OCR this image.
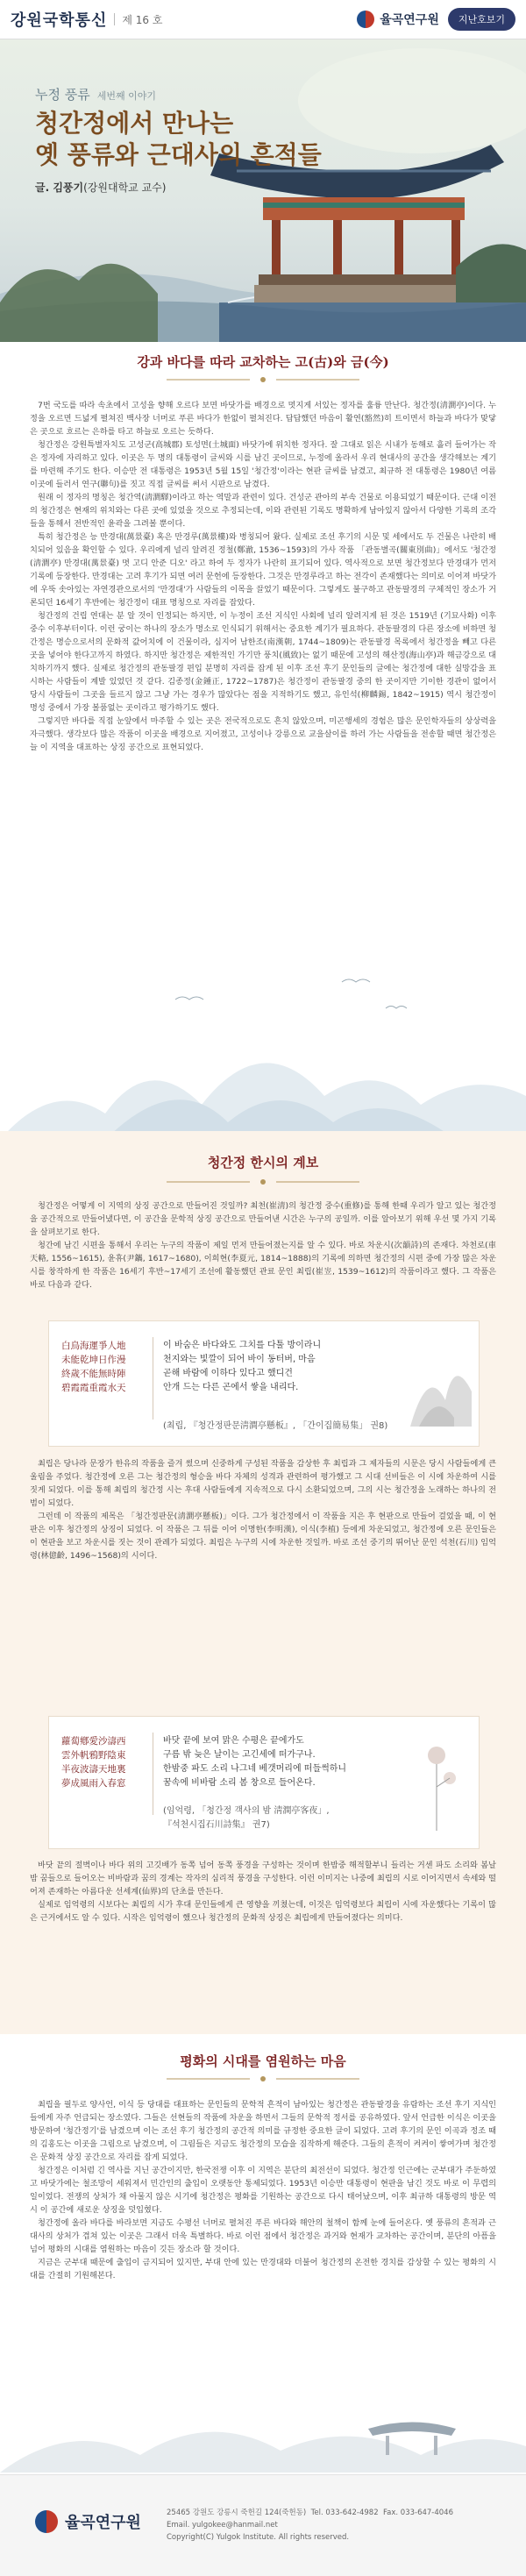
강원국학통신 제 16 호	율곡연구원	지난호보기
누정 풍류 세번째 이야기
청간정에서 만나는
옛 풍류와 근대사의 흔적들
글. 김풍기(강원대학교 교수)
강과 바다를 따라 교차하는 고(古)와 금(今)

7번 국도를 따라 속초에서 고성을 향해 오르다 보면 바닷가를 배경으로 멋지게 서있는 정자를 훌륭 만난다. 청간정(淸澗亭)이다. 누정을 오르면 드넓게 펼쳐진 백사장 너머로 푸른 바다가 한없이 펼쳐진다. 답답했던 마음이 활연(豁然)히 트이면서 하늘과 바다가 맞닿은 곳으로 흐르는 은하를 타고 하늘로 오르는 듯하다.

청간정은 강원특별자치도 고성군(高城郡) 토성면(土城面) 바닷가에 위치한 정자다. 잘 그대로 읽은 시내가 동해로 흘러 들어가는 작은 정자에 자리하고 있다. 이곳은 두 명의 대통령이 글씨와 시를 남긴 곳이므로, 누정에 올라서 우리 현대사의 공간을 생각해보는 계기를 마련해 주기도 한다. 이승만 전 대통령은 1953년 5월 15일 '청간정'이라는 현판 글씨를 남겼고, 최규하 전 대통령은 1980년 여름 이곳에 들러서 연구(聯句)를 짓고 직접 글씨를 써서 시판으로 남겼다.

원래 이 정자의 명칭은 청간역(淸澗驛)이라고 하는 역말과 관련이 있다. 건성군 관아의 부속 건물로 이용되었기 때문이다. 근대 이전의 청간정은 현재의 위치와는 다른 곳에 있었을 것으로 추정되는데, 이와 관련된 기록도 명확하게 남아있지 않아서 다양한 기록의 조각들을 통해서 전반적인 윤곽을 그려볼 뿐이다.

특히 청간정은 능 만경대(萬景臺) 혹은 만경루(萬景樓)와 병칭되어 왔다. 실제로 조선 후기의 시문 및 세에서도 두 건물은 나란히 배치되어 있음을 확인할 수 있다. 우리에게 널리 알려진 정철(鄭澈, 1536~1593)의 가사 작품 「관동별곡(關東別曲)」에서도 '청간정(淸澗亭) 만경대(萬景臺) 몃 고디 안준 디오' 라고 하여 두 정자가 나란히 표기되어 있다. 역사적으로 보면 청간정보다 만경대가 먼저 기록에 등장한다. 만경대는 고려 후기가 되면 여러 문헌에 등장한다. 그것은 만경루라고 하는 전각이 존재했다는 의미로 이어져 바닷가에 우뚝 솟아있는 자연경관으로서의 '만경대'가 사람들의 이목을 끌었기 때문이다. 그렇게도 불구하고 관동팔경의 구체적인 장소가 거론되던 16세기 후반에는 청간정이 대표 명칭으로 자리를 잡았다.

청간정의 건립 연대는 분 알 것이 인정되는 하지만, 이 누정이 조선 지식인 사회에 널리 알려지게 된 것은 1519년 (기묘사화) 이후 중수 이후부터이다. 이런 궁이는 하나의 장소가 명소로 인식되기 위해서는 중요한 계기가 필요하다. 관동팔경의 다른 장소에 비하면 청간정은 명승으로서의 문화적 값어치에 이 건물이라, 심지어 남한조(南漢朝, 1744~1809)는 관동팔경 목록에서 청간정을 빼고 다른 곳을 넣어야 한다고까지 하였다. 하지만 청간정은 제한적인 가기만 풍치(風致)는 없기 때문에 고성의 해산정(海山亭)과 해금강으로 대치하기까지 했다. 실제로 청간정의 관동팔경 편입 분명히 자리를 잡게 된 이후 조선 후기 문인들의 글에는 청간정에 대한 실망감을 표시하는 사람들이 계발 있었던 것 같다. 김종정(金鍾正, 1722~1787)은 청간정이 관동팔경 중의 한 곳이지만 기이한 경관이 없어서 당시 사람들이 그곳을 들르지 않고 그냥 가는 경우가 많았다는 점을 지적하기도 했고, 유인석(柳麟錫, 1842~1915) 역시 청간정이 명성 중에서 가장 볼품없는 곳이라고 평가하기도 했다.

그렇지만 바다를 직접 눈앞에서 마주할 수 있는 곳은 전국적으로도 흔치 않았으며, 미곤행세의 경험은 많은 문인학자들의 상상력을 자극했다. 생각보다 많은 작품이 이곳을 배경으로 지어졌고, 고성이나 강릉으로 교을살이를 하러 가는 사람들을 전송할 때면 청간정은 늘 이 지역을 대표하는 상징 공간으로 표현되었다.

청간정 한시의 계보

청간정은 어떻게 이 지역의 상징 공간으로 만들어진 것일까? 최천(崔淸)의 청간정 중수(重修)를 통해 한때 우리가 알고 있는 청간정을 공간적으로 만들어냈다면, 이 공간을 문학적 상징 공간으로 만들어낸 시간은 누구의 공일까. 이를 알아보기 위해 우선 몇 가지 기록을 살펴보기로 한다.

청간에 남긴 시편을 통해서 우리는 누구의 작품이 제일 먼저 만들어졌는지를 알 수 있다. 바로 차운시(次韻詩)의 존재다. 차천로(車天輅, 1556~1615), 윤휴(尹鑴, 1617~1680), 이희현(李夏元, 1814~1888)의 기록에 의하면 청간정의 시편 중에 가장 많은 차운시를 창작하게 한 작품은 16세기 후반~17세기 조선에 활동했던 관료 문인 최립(崔岦, 1539~1612)의 작품이라고 했다. 그 작품은 바로 다음과 같다.

白鳥海運爭人地
未能乾坤日作漫
終歲不能無時陣
碧霞霞重霞水天
이 바숨은 바다와도 그치를 다툴 방이라니
천지와는 빛깔이 되어 바이 동터버, 마음
곧해 바람에 이하다 있다고 했디건
안개 드는 다른 곤에서 쌓을 내리다.
(최립, 『청간정판문淸澗亭懸板』, 「간이집簡易集」 권8)

최립은 당나라 문장가 한유의 작품을 즐겨 썼으며 신중하게 구성된 작품을 감상한 후 최립과 그 제자들의 시문은 당시 사람들에게 큰 울림을 주었다. 청간정에 오른 그는 청간정의 형승을 바다 자체의 성격과 관련하여 평가했고 그 시대 선비들은 이 시에 차운하여 시를 짓게 되었다. 이를 통해 최립의 청간정 시는 후대 사람들에게 지속적으로 다시 소환되었으며, 그의 시는 청간정을 노래하는 하나의 전범이 되었다.

그런데 이 작품의 제목은 「청간정판문(淸澗亭懸板)」이다. 그가 청간정에서 이 작품을 지은 후 현판으로 만들어 걸었을 때, 이 현판은 이후 청간정의 상징이 되었다. 이 작품은 그 뒤를 이어 이명한(李明漢), 이식(李植) 등에게 차운되었고, 청간정에 오른 문인들은 이 현판을 보고 차운시를 짓는 것이 관례가 되었다. 최립은 누구의 시에 차운한 것일까. 바로 조선 중기의 뛰어난 문인 석천(石川) 임억령(林億齡, 1496~1568)의 시이다.

蘿蔔鄕愛沙濤西
雲外帆鴉野陰東
半夜波濤天地裏
夢成風雨入春窓
바닷 끝에 보여 맑은 수평은 끝에가도
구름 밖 늦은 날이는 고긴세에 떠가구나.
한밤중 파도 소리 나그네 베갯머리에 떠들썩하니
꿈속에 비바람 소리 봄 창으로 들어온다.
(임억령, 「청간정 객사의 밤 淸澗亭客夜」,
『석천시집石川詩集』 권7)

바닷 끝의 절벽이나 바다 위의 고깃배가 동쪽 넘어 동쪽 풍경을 구성하는 것이며 한밤중 해적할부니 들리는 거센 파도 소리와 봄날 밤 꿈들으로 들어오는 비바람과 꿈의 경계는 작자의 심리적 풍경을 구성한다. 이런 이미지는 나중에 최립의 시로 이어지면서 속세와 떨어져 존재하는 아름다운 선세계(仙界)의 단초를 만든다.

실제로 임억령의 시보다는 최립의 시가 후대 문인들에게 큰 영향을 끼쳤는데, 이것은 임억령보다 최립이 시에 자운했다는 기록이 많은 근거에서도 알 수 있다. 시작은 임억령이 했으나 청간정의 문화적 상징은 최립에게 만들어졌다는 의미다.

평화의 시대를 염원하는 마음

최립을 필두로 양사언, 이식 등 당대를 대표하는 문인들의 문학적 흔적이 남아있는 청간정은 관동팔경을 유람하는 조선 후기 지식인들에게 자주 언급되는 장소였다. 그들은 선현들의 작품에 차운을 하면서 그들의 문학적 정서를 공유하였다. 앞서 언급한 이식은 이곳을 방문하여 '청간정기'를 남겼으며 이는 조선 후기 청간정의 공간적 의미를 규정한 중요한 글이 되었다. 고려 후기의 문인 이곡과 정조 때의 김홍도는 이곳을 그림으로 남겼으며, 이 그림들은 지금도 청간정의 모습을 짐작하게 해준다. 그들의 흔적이 켜켜이 쌓여가며 청간정은 문화적 상징 공간으로 자리를 잡게 되었다.

청간정은 이처럼 긴 역사를 지닌 공간이지만, 한국전쟁 이후 이 지역은 분단의 최전선이 되었다. 청간정 인근에는 군부대가 주둔하였고 바닷가에는 철조망이 세워져서 민간인의 출입이 오랫동안 통제되었다. 1953년 이승만 대통령이 현판을 남긴 것도 바로 이 무렵의 일이었다. 전쟁의 상처가 채 아물지 않은 시기에 청간정은 평화를 기원하는 공간으로 다시 태어났으며, 이후 최규하 대통령의 방문 역시 이 공간에 새로운 상징을 덧입혔다.

청간정에 올라 바다를 바라보면 지금도 수평선 너머로 펼쳐진 푸른 바다와 해안의 철책이 함께 눈에 들어온다. 옛 풍류의 흔적과 근대사의 상처가 겹쳐 있는 이곳은 그래서 더욱 특별하다. 바로 이런 점에서 청간정은 과거와 현재가 교차하는 공간이며, 분단의 아픔을 넘어 평화의 시대를 염원하는 마음이 깃든 장소라 할 것이다.

지금은 군부대 때문에 출입이 금지되어 있지만, 부대 안에 있는 만경대와 더불어 청간정의 온전한 경치를 감상할 수 있는 평화의 시대를 간절히 기원해본다.

율곡연구원
25465 강원도 강릉시 죽헌길 124(죽헌동) Tel. 033-642-4982 Fax. 033-647-4046
Email. yulgokee@hanmail.net
Copyright(C) Yulgok Institute. All rights reserved.
